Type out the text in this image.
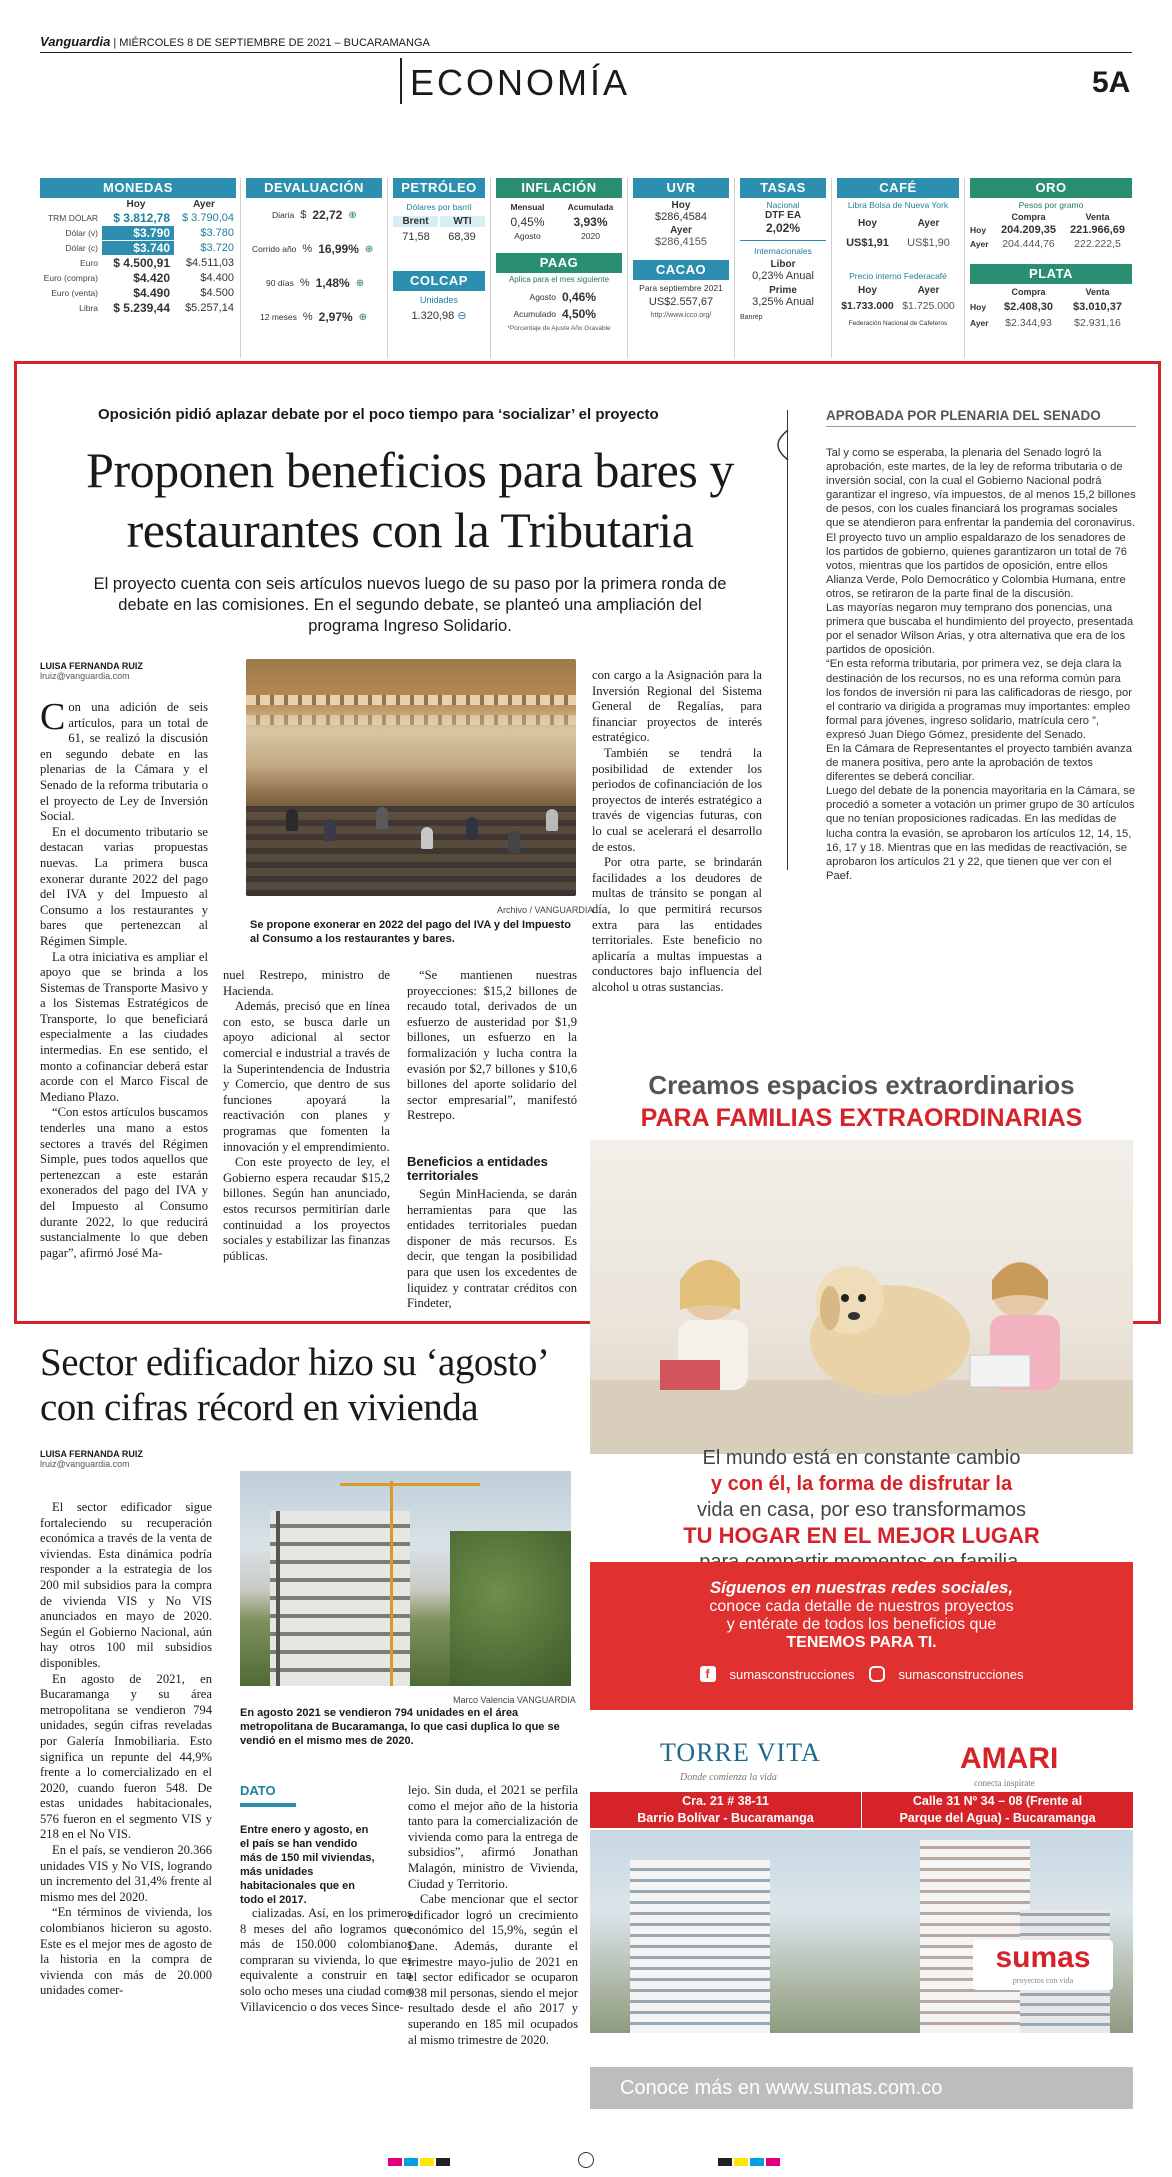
Vanguardia | MIÉRCOLES 8 DE SEPTIEMBRE DE 2021 – BUCARAMANGA
ECONOMÍA	5A
MONEDAS
Hoy	Ayer
TRM DÓLAR	$ 3.812,78	$ 3.790,04
Dólar (v)	$3.790	$3.780
Dólar (c)	$3.740	$3.720
Euro	$ 4.500,91	$4.511,03
Euro (compra)	$4.420	$4.400
Euro (venta)	$4.490	$4.500
Libra	$ 5.239,44	$5.257,14
DEVALUACIÓN
Diaria $ 22,72 ⊕
Corrido año % 16,99% ⊕
90 días % 1,48% ⊕
12 meses % 2,97% ⊕
PETRÓLEO
Dólares por barril
Brent	WTI
71,58	68,39
COLCAP
Unidades
1.320,98 ⊖
INFLACIÓN
Mensual	Acumulada
0,45%	3,93%
Agosto	2020
PAAG
Aplica para el mes siguiente
Agosto 0,46%
Acumulado 4,50%
*Porcentaje de Ajuste Año Gravable
UVR
Hoy
$286,4584
Ayer
$286,4155
CACAO
Para septiembre 2021
US$2.557,67
http://www.icco.org/
TASAS
Nacional
DTF EA
2,02%
Internacionales
Libor
0,23% Anual
Prime
3,25% Anual
Banrep
CAFÉ
Libra Bolsa de Nueva York
Hoy	Ayer
US$1,91	US$1,90
Precio interno Federacafé
Hoy	Ayer
$1.733.000 $1.725.000
Federación Nacional de Cafeteros
ORO
Pesos por gramo
Compra	Venta
Hoy	204.209,35	221.966,69
Ayer	204.444,76	222.222,5
PLATA
Compra	Venta
Hoy	$2.408,30	$3.010,37
Ayer	$2.344,93	$2.931,16
Oposición pidió aplazar debate por el poco tiempo para ‘socializar’ el proyecto
Proponen beneficios para bares y restaurantes con la Tributaria
El proyecto cuenta con seis artículos nuevos luego de su paso por la primera ronda de debate en las comisiones. En el segundo debate, se planteó una ampliación del programa Ingreso Solidario.
LUISA FERNANDA RUIZ
lruiz@vanguardia.com

Con una adición de seis artículos, para un total de 61, se realizó la discusión en segundo debate en las plenarias de la Cámara y el Senado de la reforma tributaria o el proyecto de Ley de Inversión Social.

En el documento tributario se destacan varias propuestas nuevas. La primera busca exonerar durante 2022 del pago del IVA y del Impuesto al Consumo a los restaurantes y bares que pertenezcan al Régimen Simple.

La otra iniciativa es ampliar el apoyo que se brinda a los Sistemas de Transporte Masivo y a los Sistemas Estratégicos de Transporte, lo que beneficiará especialmente a las ciudades intermedias. En ese sentido, el monto a cofinanciar deberá estar acorde con el Marco Fiscal de Mediano Plazo.

“Con estos artículos buscamos tenderles una mano a estos sectores a través del Régimen Simple, pues todos aquellos que pertenezcan a este estarán exonerados del pago del IVA y del Impuesto al Consumo durante 2022, lo que reducirá sustancialmente lo que deben pagar”, afirmó José Ma-

Archivo / VANGUARDIA
Se propone exonerar en 2022 del pago del IVA y del Impuesto al Consumo a los restaurantes y bares.

nuel Restrepo, ministro de Hacienda.

Además, precisó que en línea con esto, se busca darle un apoyo adicional al sector comercial e industrial a través de la Superintendencia de Industria y Comercio, que dentro de sus funciones apoyará la reactivación con planes y programas que fomenten la innovación y el emprendimiento.

Con este proyecto de ley, el Gobierno espera recaudar $15,2 billones. Según han anunciado, estos recursos permitirían darle continuidad a los proyectos sociales y estabilizar las finanzas públicas.

“Se mantienen nuestras proyecciones: $15,2 billones de recaudo total, derivados de un esfuerzo de austeridad por $1,9 billones, un esfuerzo en la formalización y lucha contra la evasión por $2,7 billones y $10,6 billones del aporte solidario del sector empresarial”, manifestó Restrepo.

Beneficios a entidades territoriales

Según MinHacienda, se darán herramientas para que las entidades territoriales puedan disponer de más recursos. Es decir, que tengan la posibilidad para que usen los excedentes de liquidez y contratar créditos con Findeter,

con cargo a la Asignación para la Inversión Regional del Sistema General de Regalías, para financiar proyectos de interés estratégico.

También se tendrá la posibilidad de extender los periodos de cofinanciación de los proyectos de interés estratégico a través de vigencias futuras, con lo cual se acelerará el desarrollo de estos.

Por otra parte, se brindarán facilidades a los deudores de multas de tránsito se pongan al día, lo que permitirá recursos extra para las entidades territoriales. Este beneficio no aplicaría a multas impuestas a conductores bajo influencia del alcohol u otras sustancias.

APROBADA POR PLENARIA DEL SENADO

Tal y como se esperaba, la plenaria del Senado logró la aprobación, este martes, de la ley de reforma tributaria o de inversión social, con la cual el Gobierno Nacional podrá garantizar el ingreso, vía impuestos, de al menos 15,2 billones de pesos, con los cuales financiará los programas sociales que se atendieron para enfrentar la pandemia del coronavirus.

El proyecto tuvo un amplio espaldarazo de los senadores de los partidos de gobierno, quienes garantizaron un total de 76 votos, mientras que los partidos de oposición, entre ellos Alianza Verde, Polo Democrático y Colombia Humana, entre otros, se retiraron de la parte final de la discusión.

Las mayorías negaron muy temprano dos ponencias, una primera que buscaba el hundimiento del proyecto, presentada por el senador Wilson Arias, y otra alternativa que era de los partidos de oposición.

“En esta reforma tributaria, por primera vez, se deja clara la destinación de los recursos, no es una reforma común para los fondos de inversión ni para las calificadoras de riesgo, por el contrario va dirigida a programas muy importantes: empleo formal para jóvenes, ingreso solidario, matrícula cero ”, expresó Juan Diego Gómez, presidente del Senado.

En la Cámara de Representantes el proyecto también avanza de manera positiva, pero ante la aprobación de textos diferentes se deberá conciliar.

Luego del debate de la ponencia mayoritaria en la Cámara, se procedió a someter a votación un primer grupo de 30 artículos que no tenían proposiciones radicadas. En las medidas de lucha contra la evasión, se aprobaron los artículos 12, 14, 15, 16, 17 y 18. Mientras que en las medidas de reactivación, se aprobaron los artículos 21 y 22, que tienen que ver con el Paef.

Creamos espacios extraordinarios
PARA FAMILIAS EXTRAORDINARIAS
El mundo está en constante cambio
y con él, la forma de disfrutar la
vida en casa, por eso transformamos
TU HOGAR EN EL MEJOR LUGAR
Síguenos en nuestras redes sociales,
conoce cada detalle de nuestros proyectos
y entérate de todos los beneficios que
TENEMOS PARA TI.
f	sumasconstrucciones	sumasconstrucciones
TORRE VITA
Donde comienza la vida
AMARI
conecta inspirate
Cra. 21 # 38-11
Barrio Bolívar - Bucaramanga
Calle 31 Nº 34 – 08 (Frente al
Parque del Agua) - Bucaramanga
sumas
proyectos con vida
Conoce más en www.sumas.com.co
Sector edificador hizo su ‘agosto’ con cifras récord en vivienda
LUISA FERNANDA RUIZ
lruiz@vanguardia.com

El sector edificador sigue fortaleciendo su recuperación económica a través de la venta de viviendas. Esta dinámica podría responder a la estrategia de los 200 mil subsidios para la compra de vivienda VIS y No VIS anunciados en mayo de 2020. Según el Gobierno Nacional, aún hay otros 100 mil subsidios disponibles.

En agosto de 2021, en Bucaramanga y su área metropolitana se vendieron 794 unidades, según cifras reveladas por Galería Inmobiliaria. Esto significa un repunte del 44,9% frente a lo comercializado en el 2020, cuando fueron 548. De estas unidades habitacionales, 576 fueron en el segmento VIS y 218 en el No VIS.

En el país, se vendieron 20.366 unidades VIS y No VIS, logrando un incremento del 31,4% frente al mismo mes del 2020.

“En términos de vivienda, los colombianos hicieron su agosto. Este es el mejor mes de agosto de la historia en la compra de vivienda con más de 20.000 unidades comer-

Marco Valencia VANGUARDIA
En agosto 2021 se vendieron 794 unidades en el área metropolitana de Bucaramanga, lo que casi duplica lo que se vendió en el mismo mes de 2020.
DATO
Entre enero y agosto, en el país se han vendido más de 150 mil viviendas, más unidades habitacionales que en todo el 2017.

cializadas. Así, en los primeros 8 meses del año logramos que más de 150.000 colombianos compraran su vivienda, lo que es equivalente a construir en tan solo ocho meses una ciudad como Villavicencio o dos veces Since-

lejo. Sin duda, el 2021 se perfila como el mejor año de la historia tanto para la comercialización de vivienda como para la entrega de subsidios”, afirmó Jonathan Malagón, ministro de Vivienda, Ciudad y Territorio.

Cabe mencionar que el sector edificador logró un crecimiento económico del 15,9%, según el Dane. Además, durante el trimestre mayo-julio de 2021 en el sector edificador se ocuparon 938 mil personas, siendo el mejor resultado desde el año 2017 y superando en 185 mil ocupados al mismo trimestre de 2020.
